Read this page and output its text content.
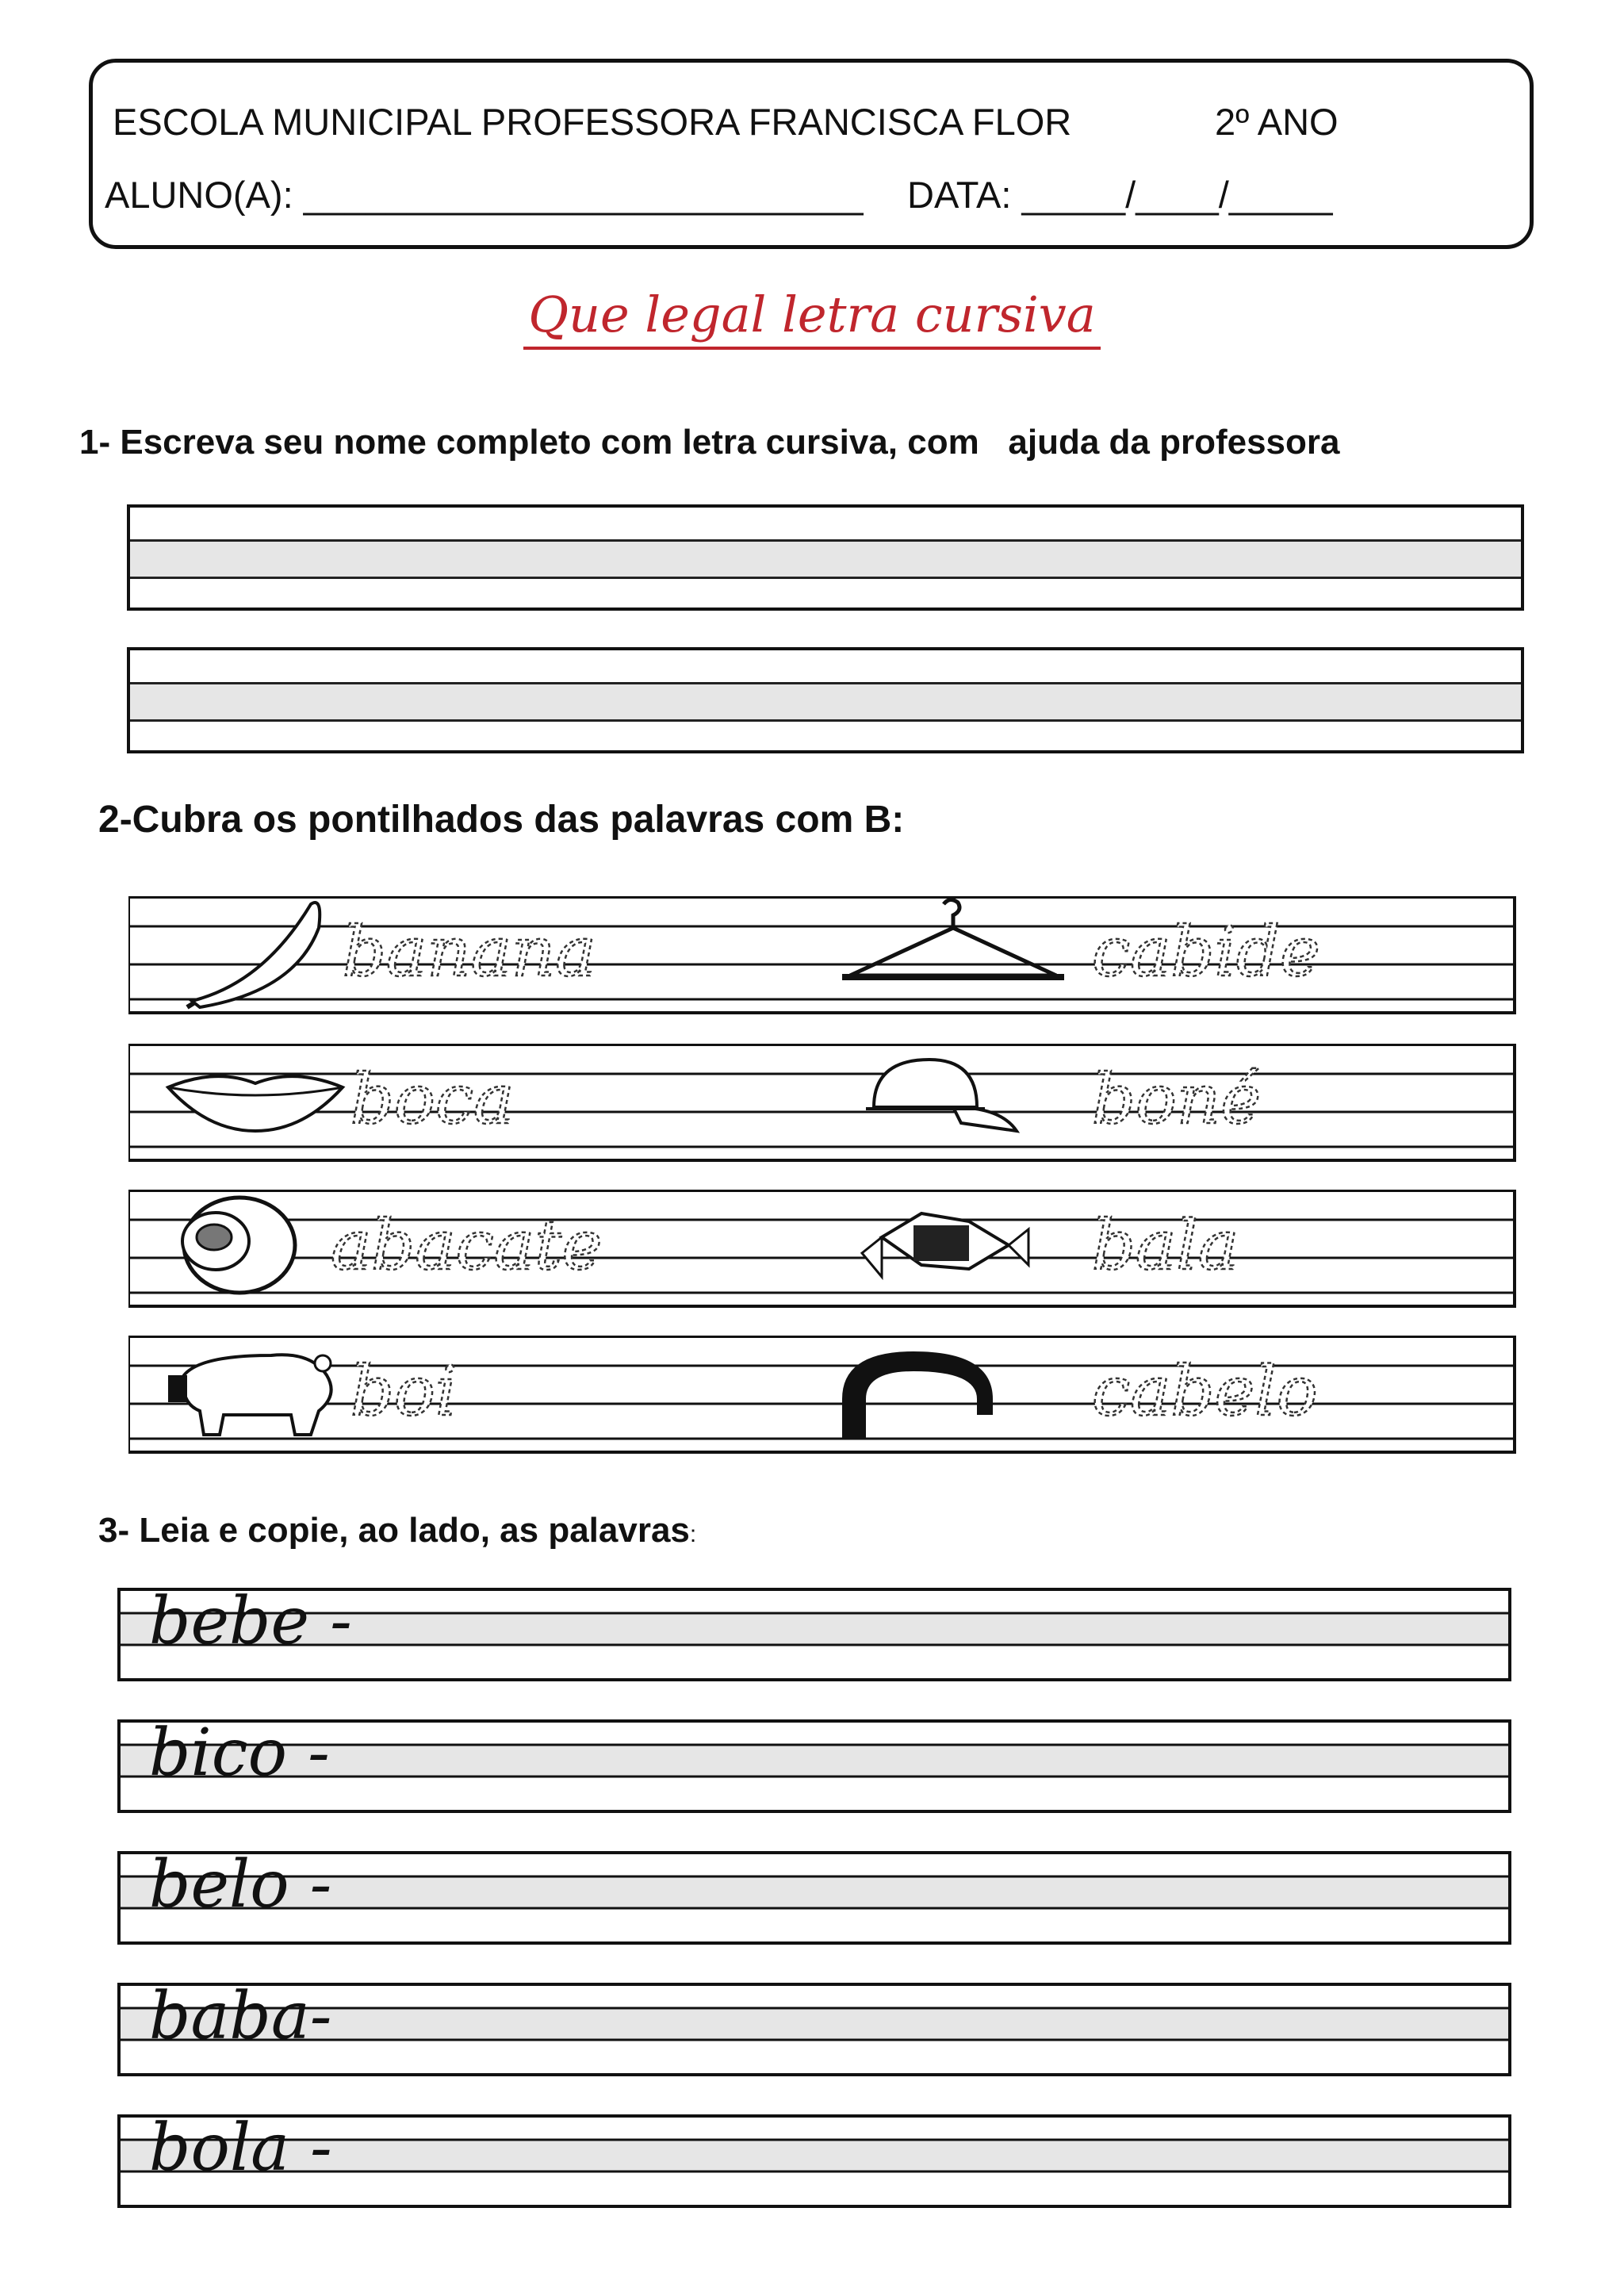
ESCOLA MUNICIPAL PROFESSORA FRANCISCA FLOR	2º ANO
ALUNO(A): ___________________________ DATA: _____/____/_____
Que legal letra cursiva
1- Escreva seu nome completo com letra cursiva, com   ajuda da professora
2-Cubra os pontilhados das palavras com B:
banana	cabide
boca	boné
abacate	bala
boi	cabelo
3- Leia e copie, ao lado, as palavras:
bebe -
bico -
belo -
baba-
bola -
